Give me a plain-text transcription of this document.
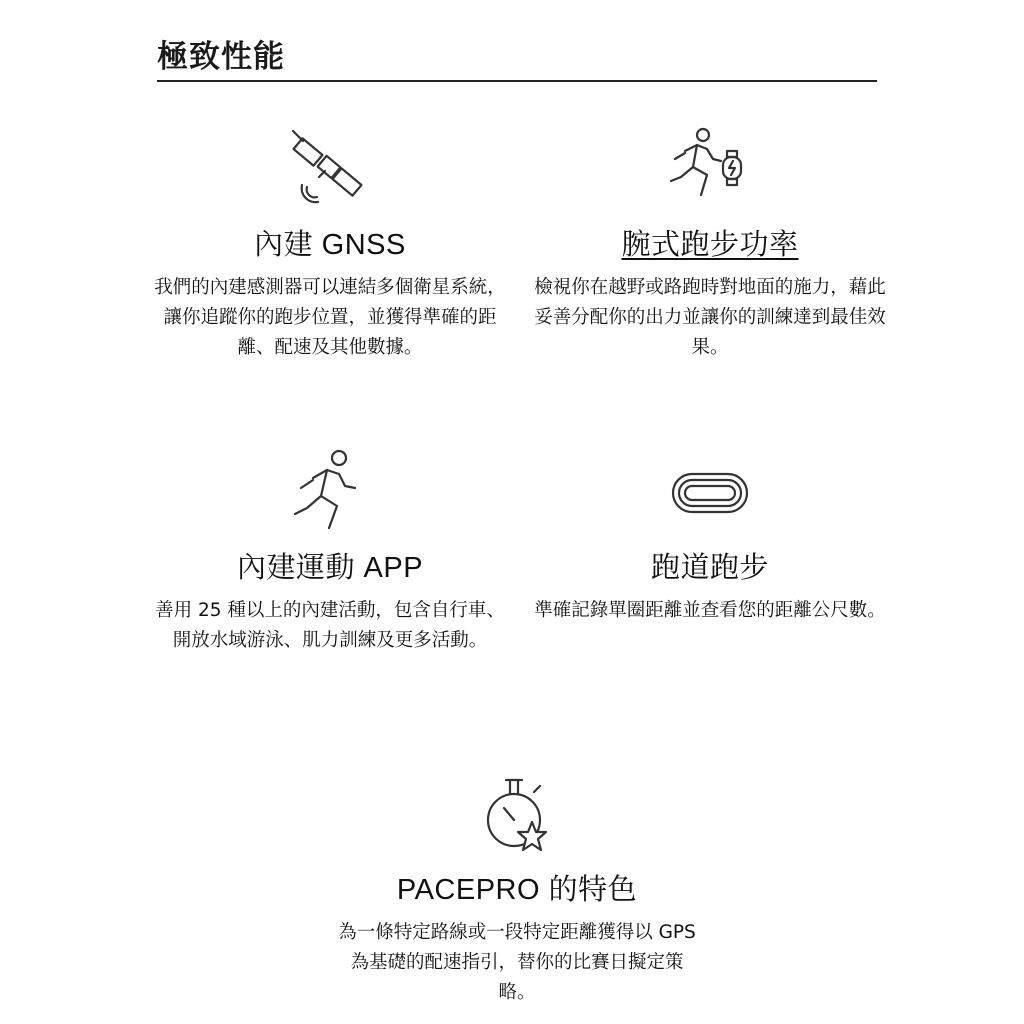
極致性能
內建 GNSS

我們的內建感測器可以連結多個衛星系統，讓你追蹤你的跑步位置，並獲得準確的距離、配速及其他數據。

腕式跑步功率

檢視你在越野或路跑時對地面的施力，藉此妥善分配你的出力並讓你的訓練達到最佳效果。

內建運動 APP

善用 25 種以上的內建活動，包含自行車、開放水域游泳、肌力訓練及更多活動。

跑道跑步

準確記錄單圈距離並查看您的距離公尺數。

PACEPRO 的特色

為一條特定路線或一段特定距離獲得以 GPS 為基礎的配速指引，替你的比賽日擬定策略。
